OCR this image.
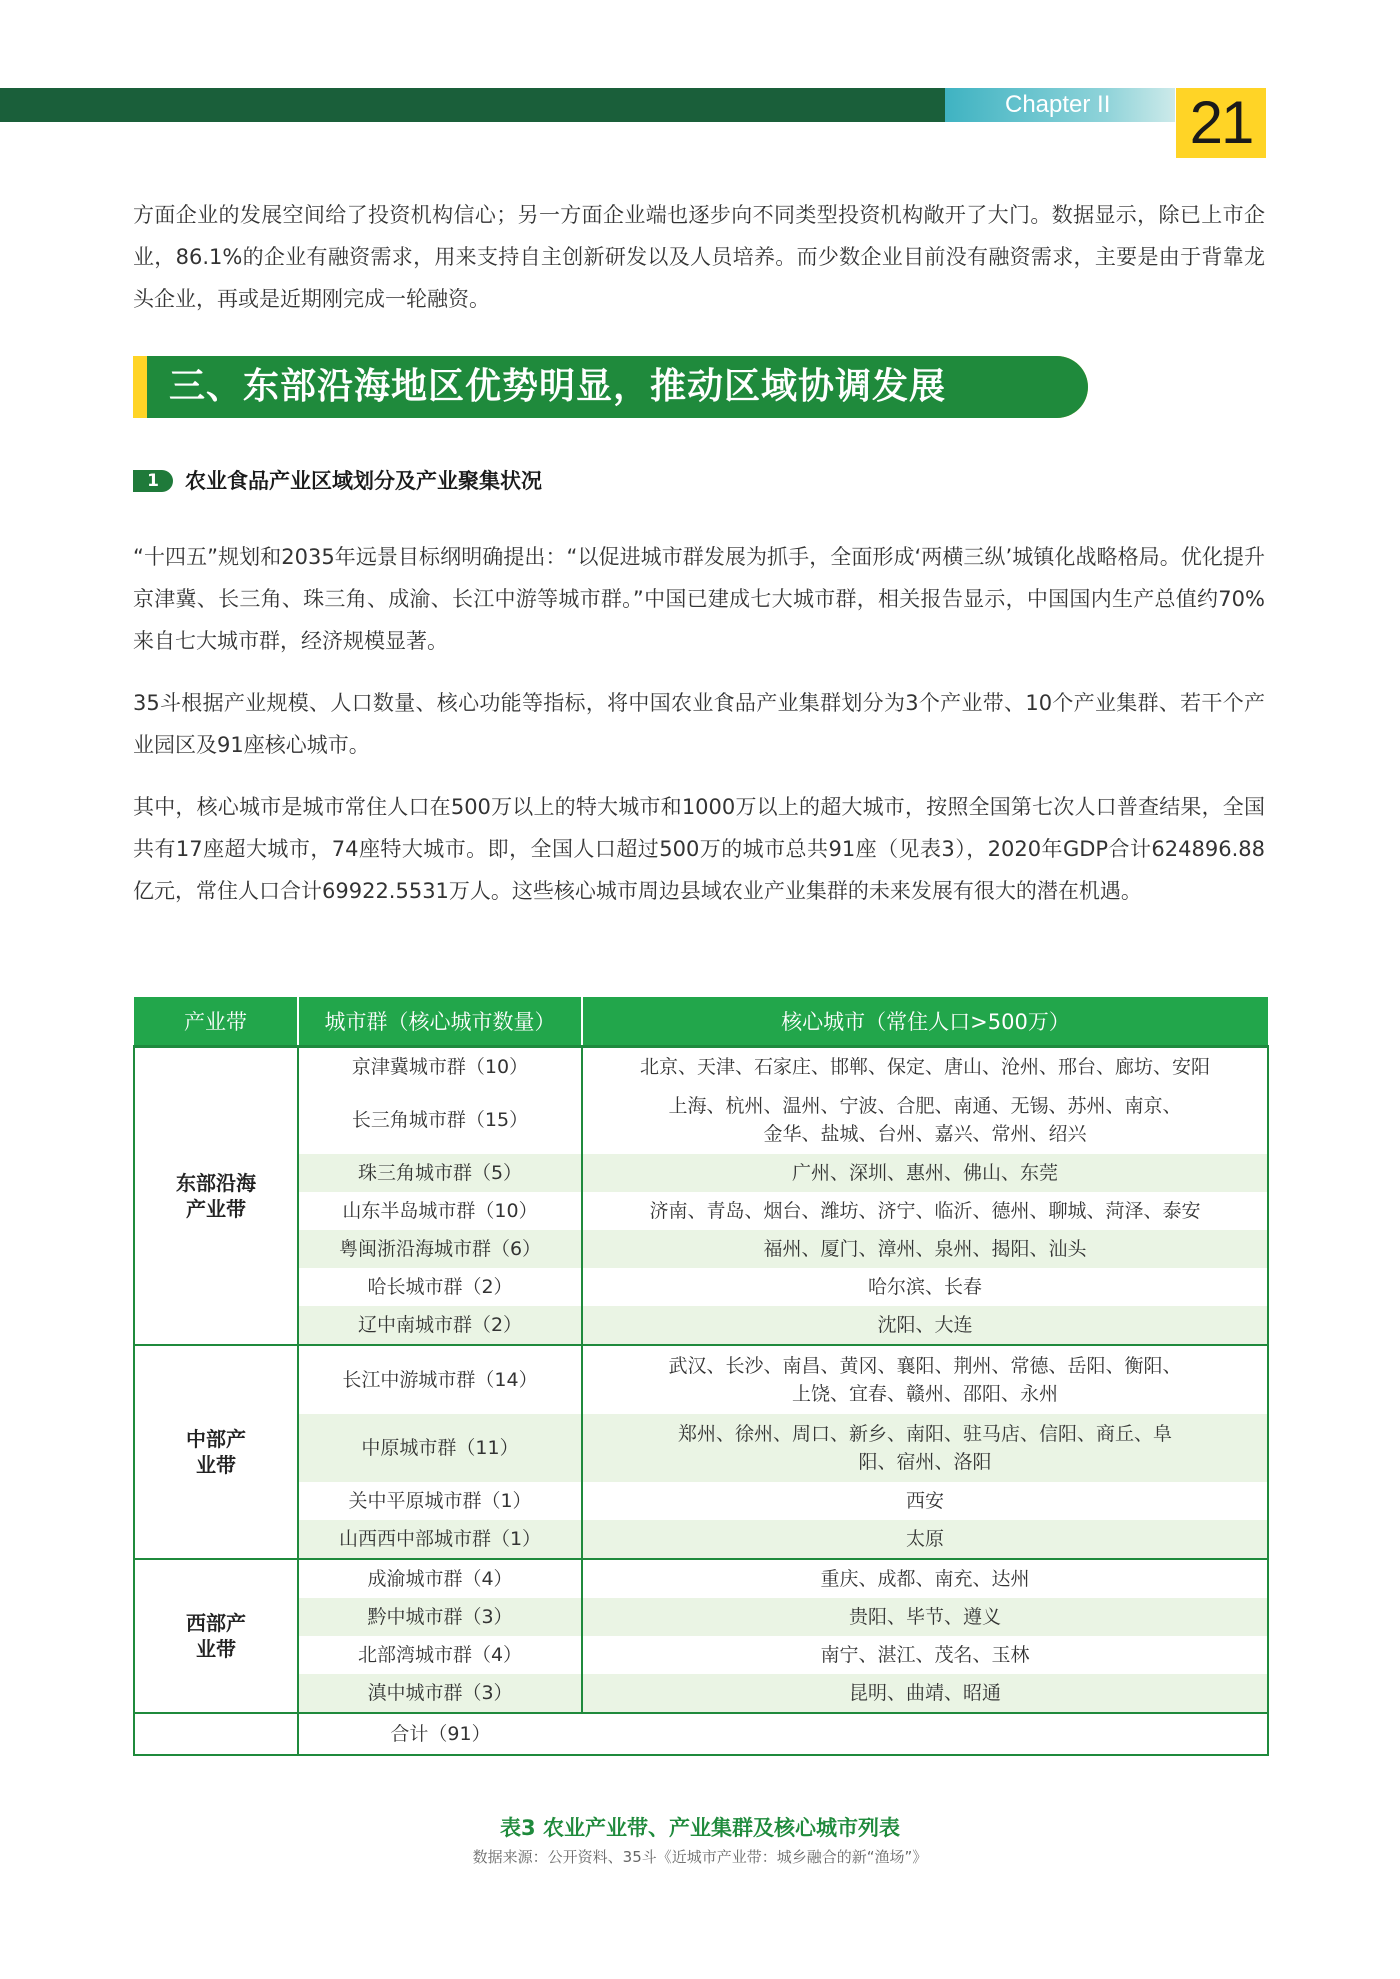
Chapter II	21

方面企业的发展空间给了投资机构信心；另一方面企业端也逐步向不同类型投资机构敞开了大门。数据显示，除已上市企业，86.1%的企业有融资需求，用来支持自主创新研发以及人员培养。而少数企业目前没有融资需求，主要是由于背靠龙头企业，再或是近期刚完成一轮融资。

三、东部沿海地区优势明显，推动区域协调发展
1	农业食品产业区域划分及产业聚集状况

“十四五”规划和2035年远景目标纲明确提出：“以促进城市群发展为抓手，全面形成‘两横三纵’城镇化战略格局。优化提升京津冀、长三角、珠三角、成渝、长江中游等城市群。”中国已建成七大城市群，相关报告显示，中国国内生产总值约70%来自七大城市群，经济规模显著。

35斗根据产业规模、人口数量、核心功能等指标，将中国农业食品产业集群划分为3个产业带、10个产业集群、若干个产业园区及91座核心城市。

其中，核心城市是城市常住人口在500万以上的特大城市和1000万以上的超大城市，按照全国第七次人口普查结果，全国共有17座超大城市，74座特大城市。即，全国人口超过500万的城市总共91座（见表3），2020年GDP合计624896.88亿元，常住人口合计69922.5531万人。这些核心城市周边县域农业产业集群的未来发展有很大的潜在机遇。

产业带	城市群（核心城市数量）	核心城市（常住人口>500万）

东部沿海产业带	京津冀城市群（10）	北京、天津、石家庄、邯郸、保定、唐山、沧州、邢台、廊坊、安阳
	长三角城市群（15）	上海、杭州、温州、宁波、合肥、南通、无锡、苏州、南京、金华、盐城、台州、嘉兴、常州、绍兴

	珠三角城市群（5）	广州、深圳、惠州、佛山、东莞
	山东半岛城市群（10）	济南、青岛、烟台、潍坊、济宁、临沂、德州、聊城、菏泽、泰安
	粤闽浙沿海城市群（6）	福州、厦门、漳州、泉州、揭阳、汕头
	哈长城市群（2）	哈尔滨、长春
	辽中南城市群（2）	沈阳、大连

中部产业带	长江中游城市群（14）	武汉、长沙、南昌、黄冈、襄阳、荆州、常德、岳阳、衡阳、上饶、宜春、赣州、邵阳、永州

	中原城市群（11）	郑州、徐州、周口、新乡、南阳、驻马店、信阳、商丘、阜阳、宿州、洛阳

	关中平原城市群（1）	西安
	山西西中部城市群（1）	太原

西部产业带	成渝城市群（4）	重庆、成都、南充、达州
	黔中城市群（3）	贵阳、毕节、遵义
	北部湾城市群（4）	南宁、湛江、茂名、玉林
	滇中城市群（3）	昆明、曲靖、昭通
	合计（91）	
表3 农业产业带、产业集群及核心城市列表
数据来源：公开资料、35斗《近城市产业带：城乡融合的新“渔场”》
